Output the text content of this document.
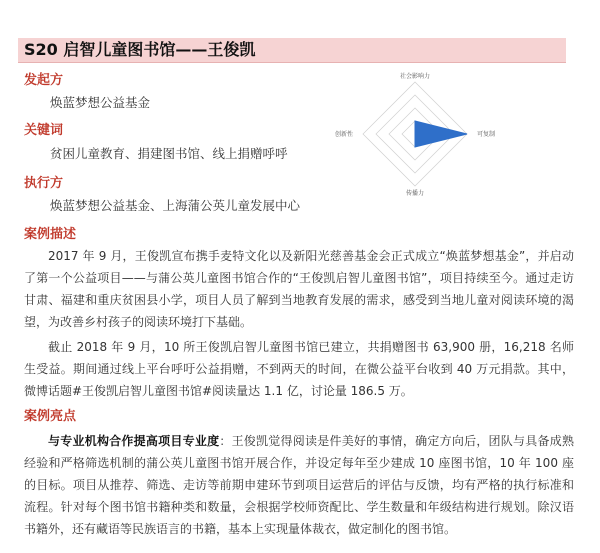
S20 启智儿童图书馆——王俊凯
发起方
焕蓝梦想公益基金
关键词
贫困儿童教育、捐建图书馆、线上捐赠呼呼
执行方
焕蓝梦想公益基金、上海蒲公英儿童发展中心
案例描述
2017 年 9 月，王俊凯宣布携手麦特文化以及新阳光慈善基金会正式成立“焕蓝梦想基金”，并启动了第一个公益项目——与蒲公英儿童图书馆合作的“王俊凯启智儿童图书馆”，项目持续至今。通过走访甘肃、福建和重庆贫困县小学，项目人员了解到当地教育发展的需求，感受到当地儿童对阅读环境的渴望，为改善乡村孩子的阅读环境打下基础。
截止 2018 年 9 月，10 所王俊凯启智儿童图书馆已建立，共捐赠图书 63,900 册，16,218 名师生受益。期间通过线上平台呼吁公益捐赠，不到两天的时间，在微公益平台收到 40 万元捐款。其中，微博话题#王俊凯启智儿童图书馆#阅读量达 1.1 亿，讨论量 186.5 万。
案例亮点
与专业机构合作提高项目专业度：王俊凯觉得阅读是件美好的事情，确定方向后，团队与具备成熟经验和严格筛选机制的蒲公英儿童图书馆开展合作，并设定每年至少建成 10 座图书馆，10 年 100 座的目标。项目从推荐、筛选、走访等前期申建环节到项目运营后的评估与反馈，均有严格的执行标准和流程。针对每个图书馆书籍种类和数量，会根据学校师资配比、学生数量和年级结构进行规划。除汉语书籍外，还有藏语等民族语言的书籍，基本上实现量体裁衣，做定制化的图书馆。
社会影响力
可复制
传播力
创新性
